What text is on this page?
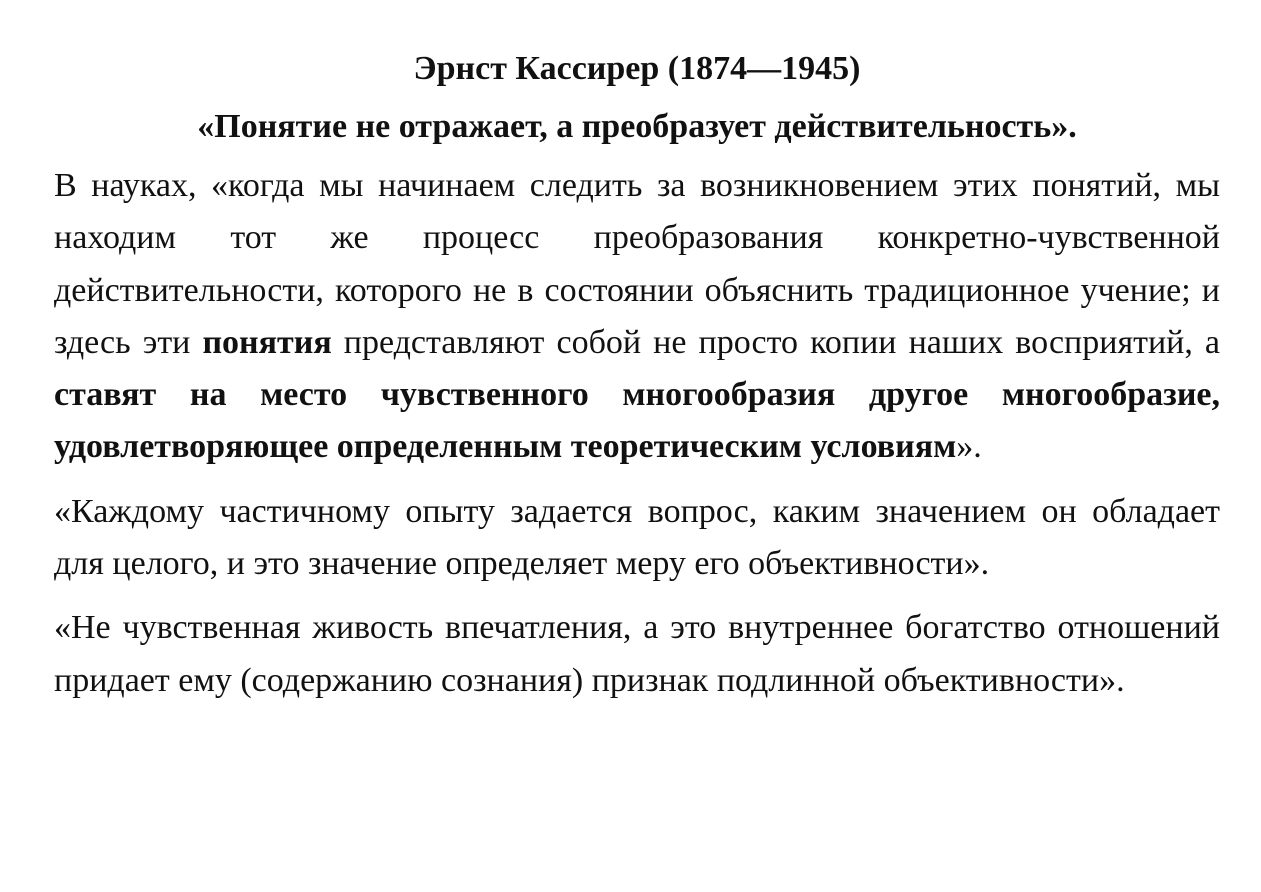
Эрнст Кассирер (1874—1945)
«Понятие не отражает, а преобразует действительность».

В науках, «когда мы начинаем следить за возникновением этих понятий, мы находим тот же процесс преобразования конкретно-чувственной действительности, которого не в состоянии объяснить традиционное учение; и здесь эти понятия представляют собой не просто копии наших восприятий, а ставят на место чувственного многообразия другое многообразие, удовлетворяющее определенным теоретическим условиям».

«Каждому частичному опыту задается вопрос, каким значением он обладает для целого, и это значение определяет меру его объективности».

«Не чувственная живость впечатления, а это внутреннее богатство отношений придает ему (содержанию сознания) признак подлинной объективности».
